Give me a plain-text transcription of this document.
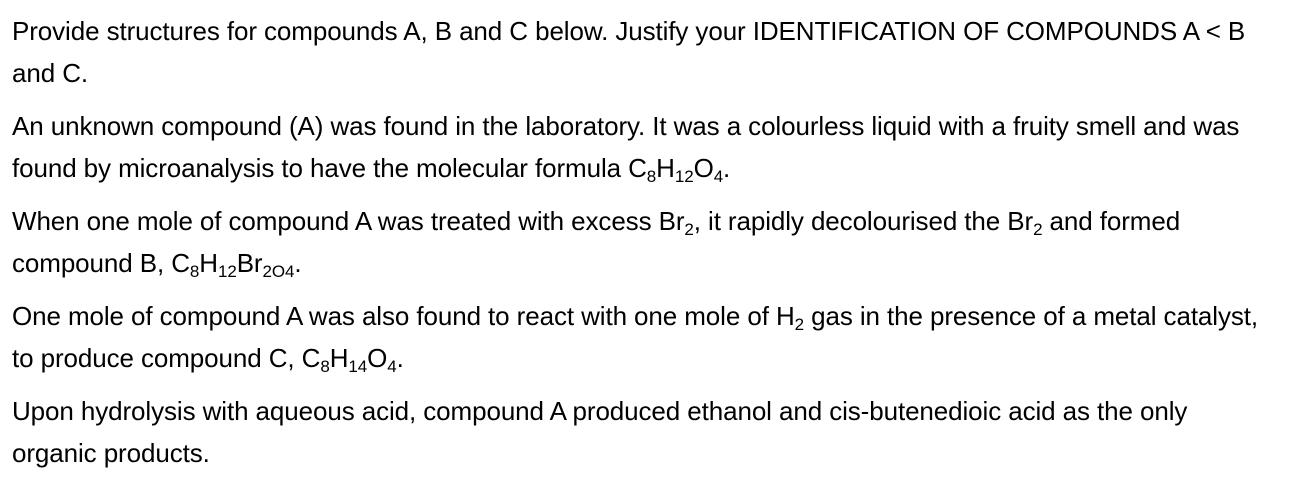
Provide structures for compounds A, B and C below. Justify your IDENTIFICATION OF COMPOUNDS A < B and C.

An unknown compound (A) was found in the laboratory. It was a colourless liquid with a fruity smell and was found by microanalysis to have the molecular formula $C_8H_{12}O_4$.

When one mole of compound A was treated with excess $Br_2$, it rapidly decolourised the $Br_2$ and formed compound B, $C_8H_{12}Br2O4$.

One mole of compound A was also found to react with one mole of $H_2$ gas in the presence of a metal catalyst, to produce compound C, $C_8H_{14}O_4$.

Upon hydrolysis with aqueous acid, compound A produced ethanol and cis-butenedioic acid as the only organic products.
